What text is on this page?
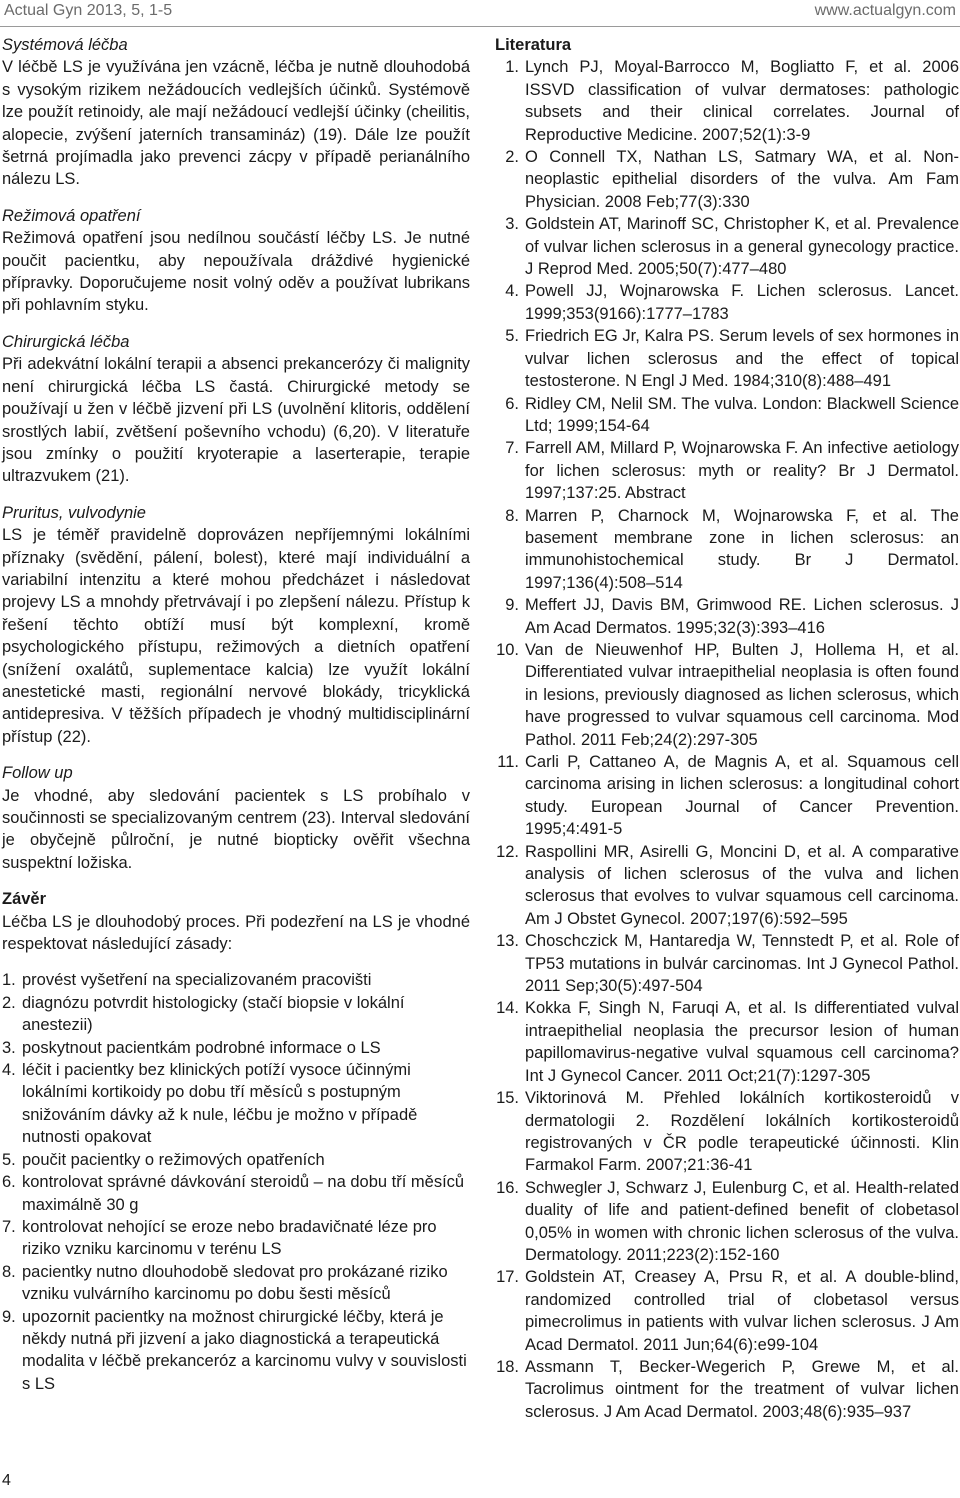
Actual Gyn 2013, 5, 1-5	www.actualgyn.com

Systémová léčba
V léčbě LS je využívána jen vzácně, léčba je nutně dlouhodobá s vysokým rizikem nežádoucích vedlejších účinků. Systémově lze použít retinoidy, ale mají nežádoucí vedlejší účinky (cheilitis, alopecie, zvýšení jaterních transamináz) (19). Dále lze použít šetrná projímadla jako prevenci zácpy v případě perianálního nálezu LS.

Režimová opatření
Režimová opatření jsou nedílnou součástí léčby LS. Je nutné poučit pacientku, aby nepoužívala dráždivé hygienické přípravky. Doporučujeme nosit volný oděv a používat lubrikans při pohlavním styku.

Chirurgická léčba
Při adekvátní lokální terapii a absenci prekancerózy či malignity není chirurgická léčba LS častá. Chirurgické metody se používají u žen v léčbě jizvení při LS (uvolnění klitoris, oddělení srostlých labií, zvětšení poševního vchodu) (6,20). V literatuře jsou zmínky o použití kryoterapie a laserterapie, terapie ultrazvukem (21).

Pruritus, vulvodynie
LS je téměř pravidelně doprovázen nepříjemnými lokálními příznaky (svědění, pálení, bolest), které mají individuální a variabilní intenzitu a které mohou předcházet i následovat projevy LS a mnohdy přetrvávají i po zlepšení nálezu. Přístup k řešení těchto obtíží musí být komplexní, kromě psychologického přístupu, režimových a dietních opatření (snížení oxalátů, suplementace kalcia) lze využít lokální anestetické masti, regionální nervové blokády, tricyklická antidepresiva. V těžších případech je vhodný multidisciplinární přístup (22).

Follow up
Je vhodné, aby sledování pacientek s LS probíhalo v součinnosti se specializovaným centrem (23). Interval sledování je obyčejně půlroční, je nutné biopticky ověřit všechna suspektní ložiska.

Závěr

Léčba LS je dlouhodobý proces. Při podezření na LS je vhodné respektovat následující zásady:

1. provést vyšetření na specializovaném pracovišti
2. diagnózu potvrdit histologicky (stačí biopsie v lokální anestezii)
3. poskytnout pacientkám podrobné informace o LS
4. léčit i pacientky bez klinických potíží vysoce účinnými lokálními kortikoidy po dobu tří měsíců s postupným snižováním dávky až k nule, léčbu je možno v případě nutnosti opakovat
5. poučit pacientky o režimových opatřeních
6. kontrolovat správné dávkování steroidů – na dobu tří měsíců maximálně 30 g
7. kontrolovat nehojící se eroze nebo bradavičnaté léze pro riziko vzniku karcinomu v terénu LS
8. pacientky nutno dlouhodobě sledovat pro prokázané riziko vzniku vulvárního karcinomu po dobu šesti měsíců
9. upozornit pacientky na možnost chirurgické léčby, která je někdy nutná při jizvení a jako diagnostická a terapeutická modalita v léčbě prekanceróz a karcinomu vulvy v souvislosti s LS
Literatura
1. Lynch PJ, Moyal-Barrocco M, Bogliatto F, et al. 2006 ISSVD classification of vulvar dermatoses: pathologic subsets and their clinical correlates. Journal of Reproductive Medicine. 2007;52(1):3-9
2. O Connell TX, Nathan LS, Satmary WA, et al. Non-neoplastic epithelial disorders of the vulva. Am Fam Physician. 2008 Feb;77(3):330
3. Goldstein AT, Marinoff SC, Christopher K, et al. Prevalence of vulvar lichen sclerosus in a general gynecology practice. J Reprod Med. 2005;50(7):477–480
4. Powell JJ, Wojnarowska F. Lichen sclerosus. Lancet. 1999;353(9166):1777–1783
5. Friedrich EG Jr, Kalra PS. Serum levels of sex hormones in vulvar lichen sclerosus and the effect of topical testosterone. N Engl J Med. 1984;310(8):488–491
6. Ridley CM, Nelil SM. The vulva. London: Blackwell Science Ltd; 1999;154-64
7. Farrell AM, Millard P, Wojnarowska F. An infective aetiology for lichen sclerosus: myth or reality? Br J Dermatol. 1997;137:25. Abstract
8. Marren P, Charnock M, Wojnarowska F, et al. The basement membrane zone in lichen sclerosus: an immunohistochemical study. Br J Dermatol. 1997;136(4):508–514
9. Meffert JJ, Davis BM, Grimwood RE. Lichen sclerosus. J Am Acad Dermatos. 1995;32(3):393–416
10. Van de Nieuwenhof HP, Bulten J, Hollema H, et al. Differentiated vulvar intraepithelial neoplasia is often found in lesions, previously diagnosed as lichen sclerosus, which have progressed to vulvar squamous cell carcinoma. Mod Pathol. 2011 Feb;24(2):297-305
11. Carli P, Cattaneo A, de Magnis A, et al. Squamous cell carcinoma arising in lichen sclerosus: a longitudinal cohort study. European Journal of Cancer Prevention. 1995;4:491-5
12. Raspollini MR, Asirelli G, Moncini D, et al. A comparative analysis of lichen sclerosus of the vulva and lichen sclerosus that evolves to vulvar squamous cell carcinoma. Am J Obstet Gynecol. 2007;197(6):592–595
13. Choschczick M, Hantaredja W, Tennstedt P, et al. Role of TP53 mutations in bulvár carcinomas. Int J Gynecol Pathol. 2011 Sep;30(5):497-504
14. Kokka F, Singh N, Faruqi A, et al. Is differentiated vulval intraepithelial neoplasia the precursor lesion of human papillomavirus-negative vulval squamous cell carcinoma? Int J Gynecol Cancer. 2011 Oct;21(7):1297-305
15. Viktorinová M. Přehled lokálních kortikosteroidů v dermatologii 2. Rozdělení lokálních kortikosteroidů registrovaných v ČR podle terapeutické účinnosti. Klin Farmakol Farm. 2007;21:36-41
16. Schwegler J, Schwarz J, Eulenburg C, et al. Health-related duality of life and patient-defined benefit of clobetasol 0,05% in women with chronic lichen sclerosus of the vulva. Dermatology. 2011;223(2):152-160
17. Goldstein AT, Creasey A, Prsu R, et al. A double-blind, randomized controlled trial of clobetasol versus pimecrolimus in patients with vulvar lichen sclerosus. J Am Acad Dermatol. 2011 Jun;64(6):e99-104
18. Assmann T, Becker-Wegerich P, Grewe M, et al. Tacrolimus ointment for the treatment of vulvar lichen sclerosus. J Am Acad Dermatol. 2003;48(6):935–937
4
